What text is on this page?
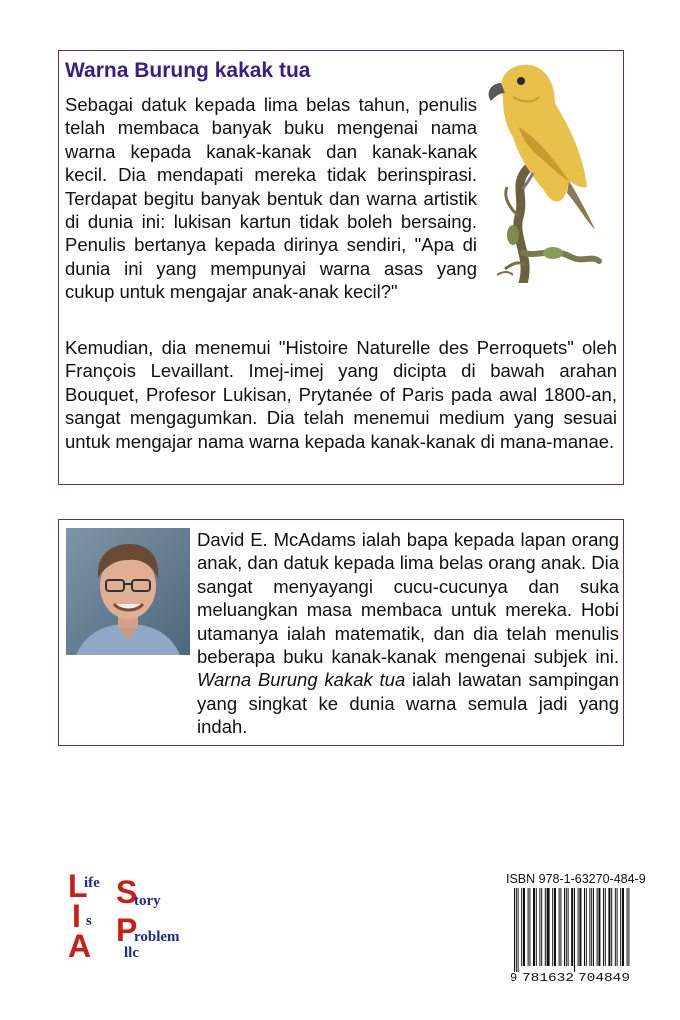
Warna Burung kakak tua

Sebagai datuk kepada lima belas tahun, penulis telah membaca banyak buku mengenai nama warna kepada kanak-kanak dan kanak-kanak kecil. Dia mendapati mereka tidak berinspirasi. Terdapat begitu banyak bentuk dan warna artistik di dunia ini: lukisan kartun tidak boleh bersaing. Penulis bertanya kepada dirinya sendiri, "Apa di dunia ini yang mempunyai warna asas yang cukup untuk mengajar anak-anak kecil?"

Kemudian, dia menemui "Histoire Naturelle des Perroquets" oleh François Levaillant. Imej-imej yang dicipta di bawah arahan Bouquet, Profesor Lukisan, Prytanée of Paris pada awal 1800-an, sangat mengagumkan. Dia telah menemui medium yang sesuai untuk mengajar nama warna kepada kanak-kanak di mana-manae.

David E. McAdams ialah bapa kepada lapan orang anak, dan datuk kepada lima belas orang anak. Dia sangat menyayangi cucu-cucunya dan suka meluangkan masa membaca untuk mereka. Hobi utamanya ialah matematik, dan dia telah menulis beberapa buku kanak-kanak mengenai subjek ini. Warna Burung kakak tua ialah lawatan sampingan yang singkat ke dunia warna semula jadi yang indah.

L
ife S
tory
I s P
roblem
A llc
ISBN 978-1-63270-484-9
9 781632 704849
